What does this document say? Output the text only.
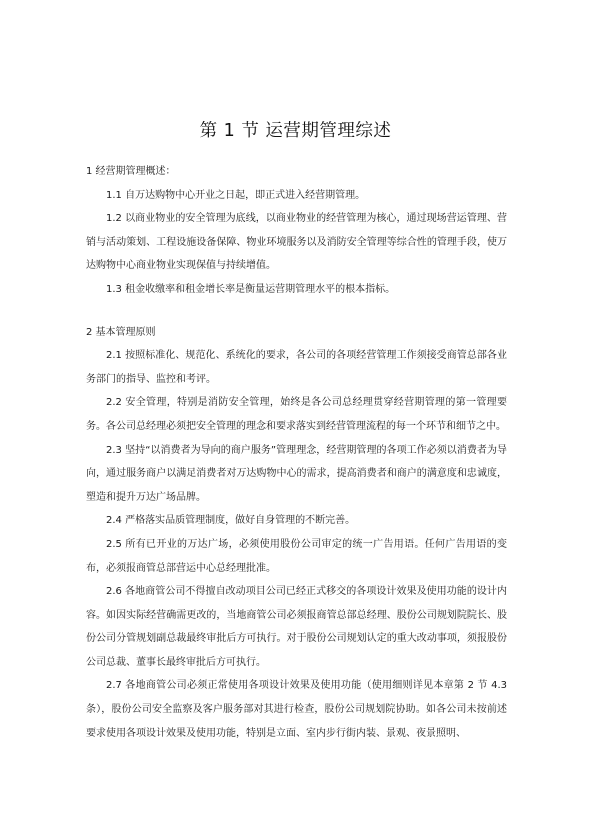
第 1 节 运营期管理综述

1 经营期管理概述：

1.1 自万达购物中心开业之日起，即正式进入经营期管理。

1.2 以商业物业的安全管理为底线，以商业物业的经营管理为核心，通过现场营运管理、营销与活动策划、工程设施设备保障、物业环境服务以及消防安全管理等综合性的管理手段，使万达购物中心商业物业实现保值与持续增值。

1.3 租金收缴率和租金增长率是衡量运营期管理水平的根本指标。

2 基本管理原则

2.1 按照标准化、规范化、系统化的要求，各公司的各项经营管理工作须接受商管总部各业务部门的指导、监控和考评。

2.2 安全管理，特别是消防安全管理，始终是各公司总经理贯穿经营期管理的第一管理要务。各公司总经理必须把安全管理的理念和要求落实到经营管理流程的每一个环节和细节之中。

2.3 坚持“以消费者为导向的商户服务”管理理念，经营期管理的各项工作必须以消费者为导向，通过服务商户以满足消费者对万达购物中心的需求，提高消费者和商户的满意度和忠诚度，塑造和提升万达广场品牌。

2.4 严格落实品质管理制度，做好自身管理的不断完善。

2.5 所有已开业的万达广场，必须使用股份公司审定的统一广告用语。任何广告用语的变布，必须报商管总部营运中心总经理批准。

2.6 各地商管公司不得擅自改动项目公司已经正式移交的各项设计效果及使用功能的设计内容。如因实际经营确需更改的，当地商管公司必须报商管总部总经理、股份公司规划院院长、股份公司分管规划副总裁最终审批后方可执行。对于股份公司规划认定的重大改动事项，须报股份公司总裁、董事长最终审批后方可执行。

2.7 各地商管公司必须正常使用各项设计效果及使用功能（使用细则详见本章第 2 节 4.3条），股份公司安全监察及客户服务部对其进行检查，股份公司规划院协助。如各公司未按前述要求使用各项设计效果及使用功能，特别是立面、室内步行街内装、景观、夜景照明、
